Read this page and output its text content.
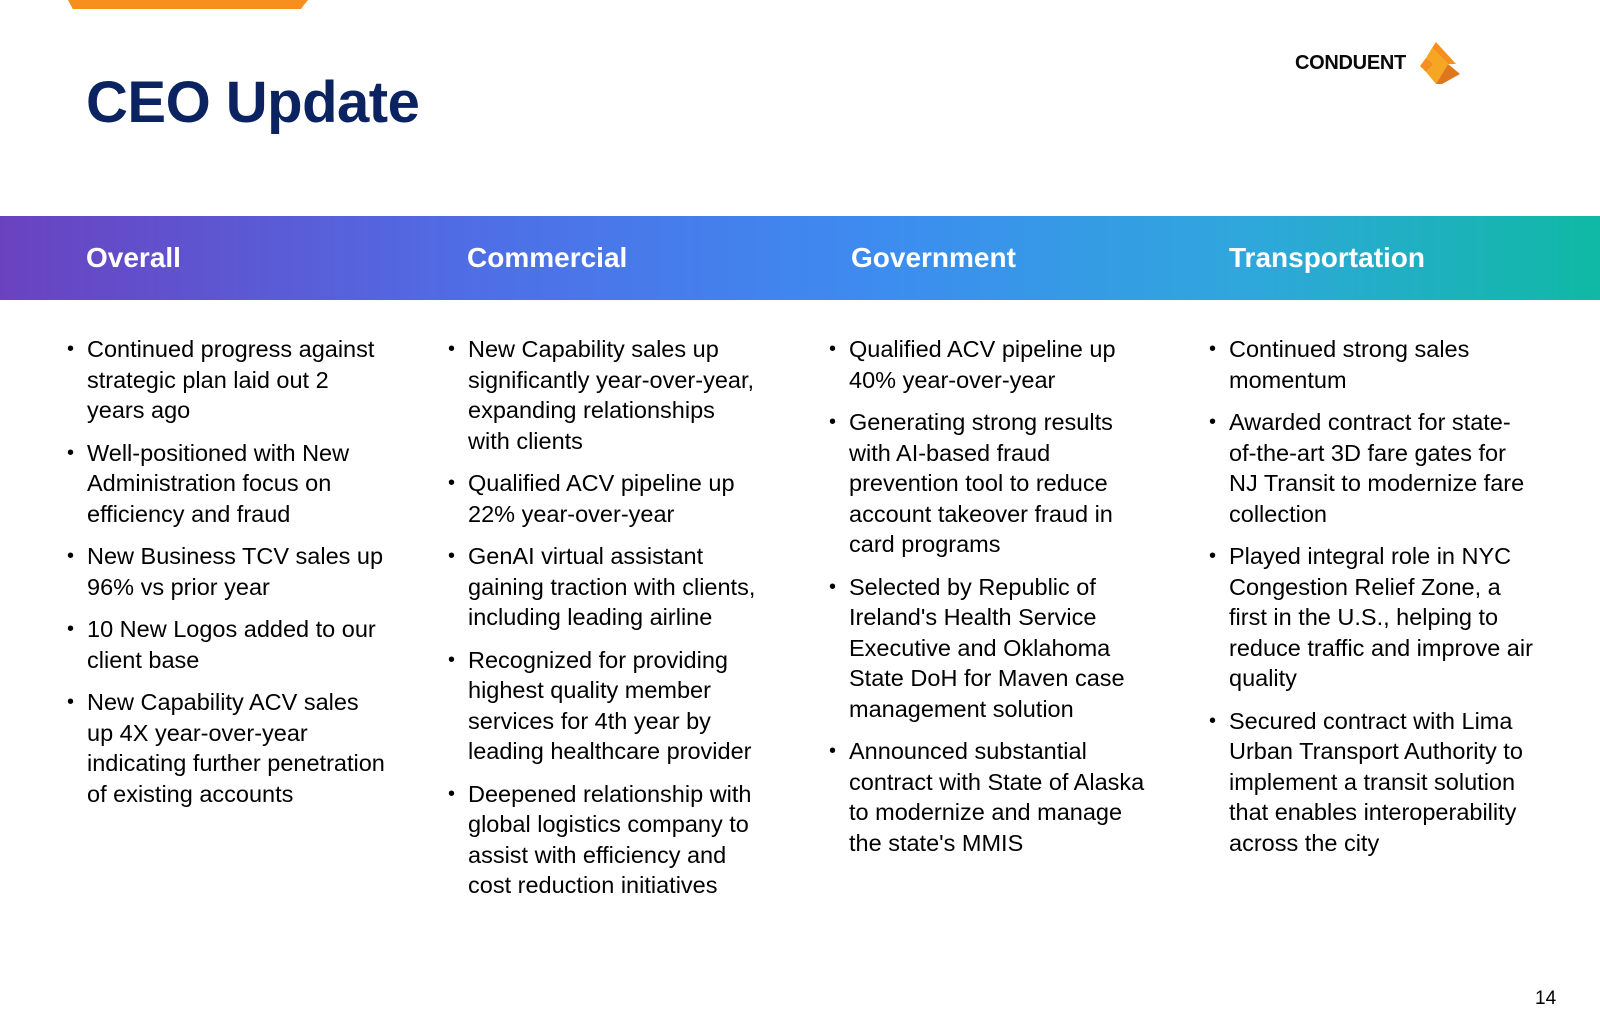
CEO Update
CONDUENT
Overall	Commercial	Government	Transportation
• Continued progress against strategic plan laid out 2 years ago
• Well-positioned with New Administration focus on efficiency and fraud
• New Business TCV sales up 96% vs prior year
• 10 New Logos added to our client base
• New Capability ACV sales up 4X year-over-year indicating further penetration of existing accounts
• New Capability sales up significantly year-over-year, expanding relationships with clients
• Qualified ACV pipeline up 22% year-over-year
• GenAI virtual assistant gaining traction with clients, including leading airline
• Recognized for providing highest quality member services for 4th year by leading healthcare provider
• Deepened relationship with global logistics company to assist with efficiency and cost reduction initiatives
• Qualified ACV pipeline up 40% year-over-year
• Generating strong results with AI-based fraud prevention tool to reduce account takeover fraud in card programs
• Selected by Republic of Ireland's Health Service Executive and Oklahoma State DoH for Maven case management solution
• Announced substantial contract with State of Alaska to modernize and manage the state's MMIS
• Continued strong sales momentum
• Awarded contract for state-of-the-art 3D fare gates for NJ Transit to modernize fare collection
• Played integral role in NYC Congestion Relief Zone, a first in the U.S., helping to reduce traffic and improve air quality
• Secured contract with Lima Urban Transport Authority to implement a transit solution that enables interoperability across the city
14
